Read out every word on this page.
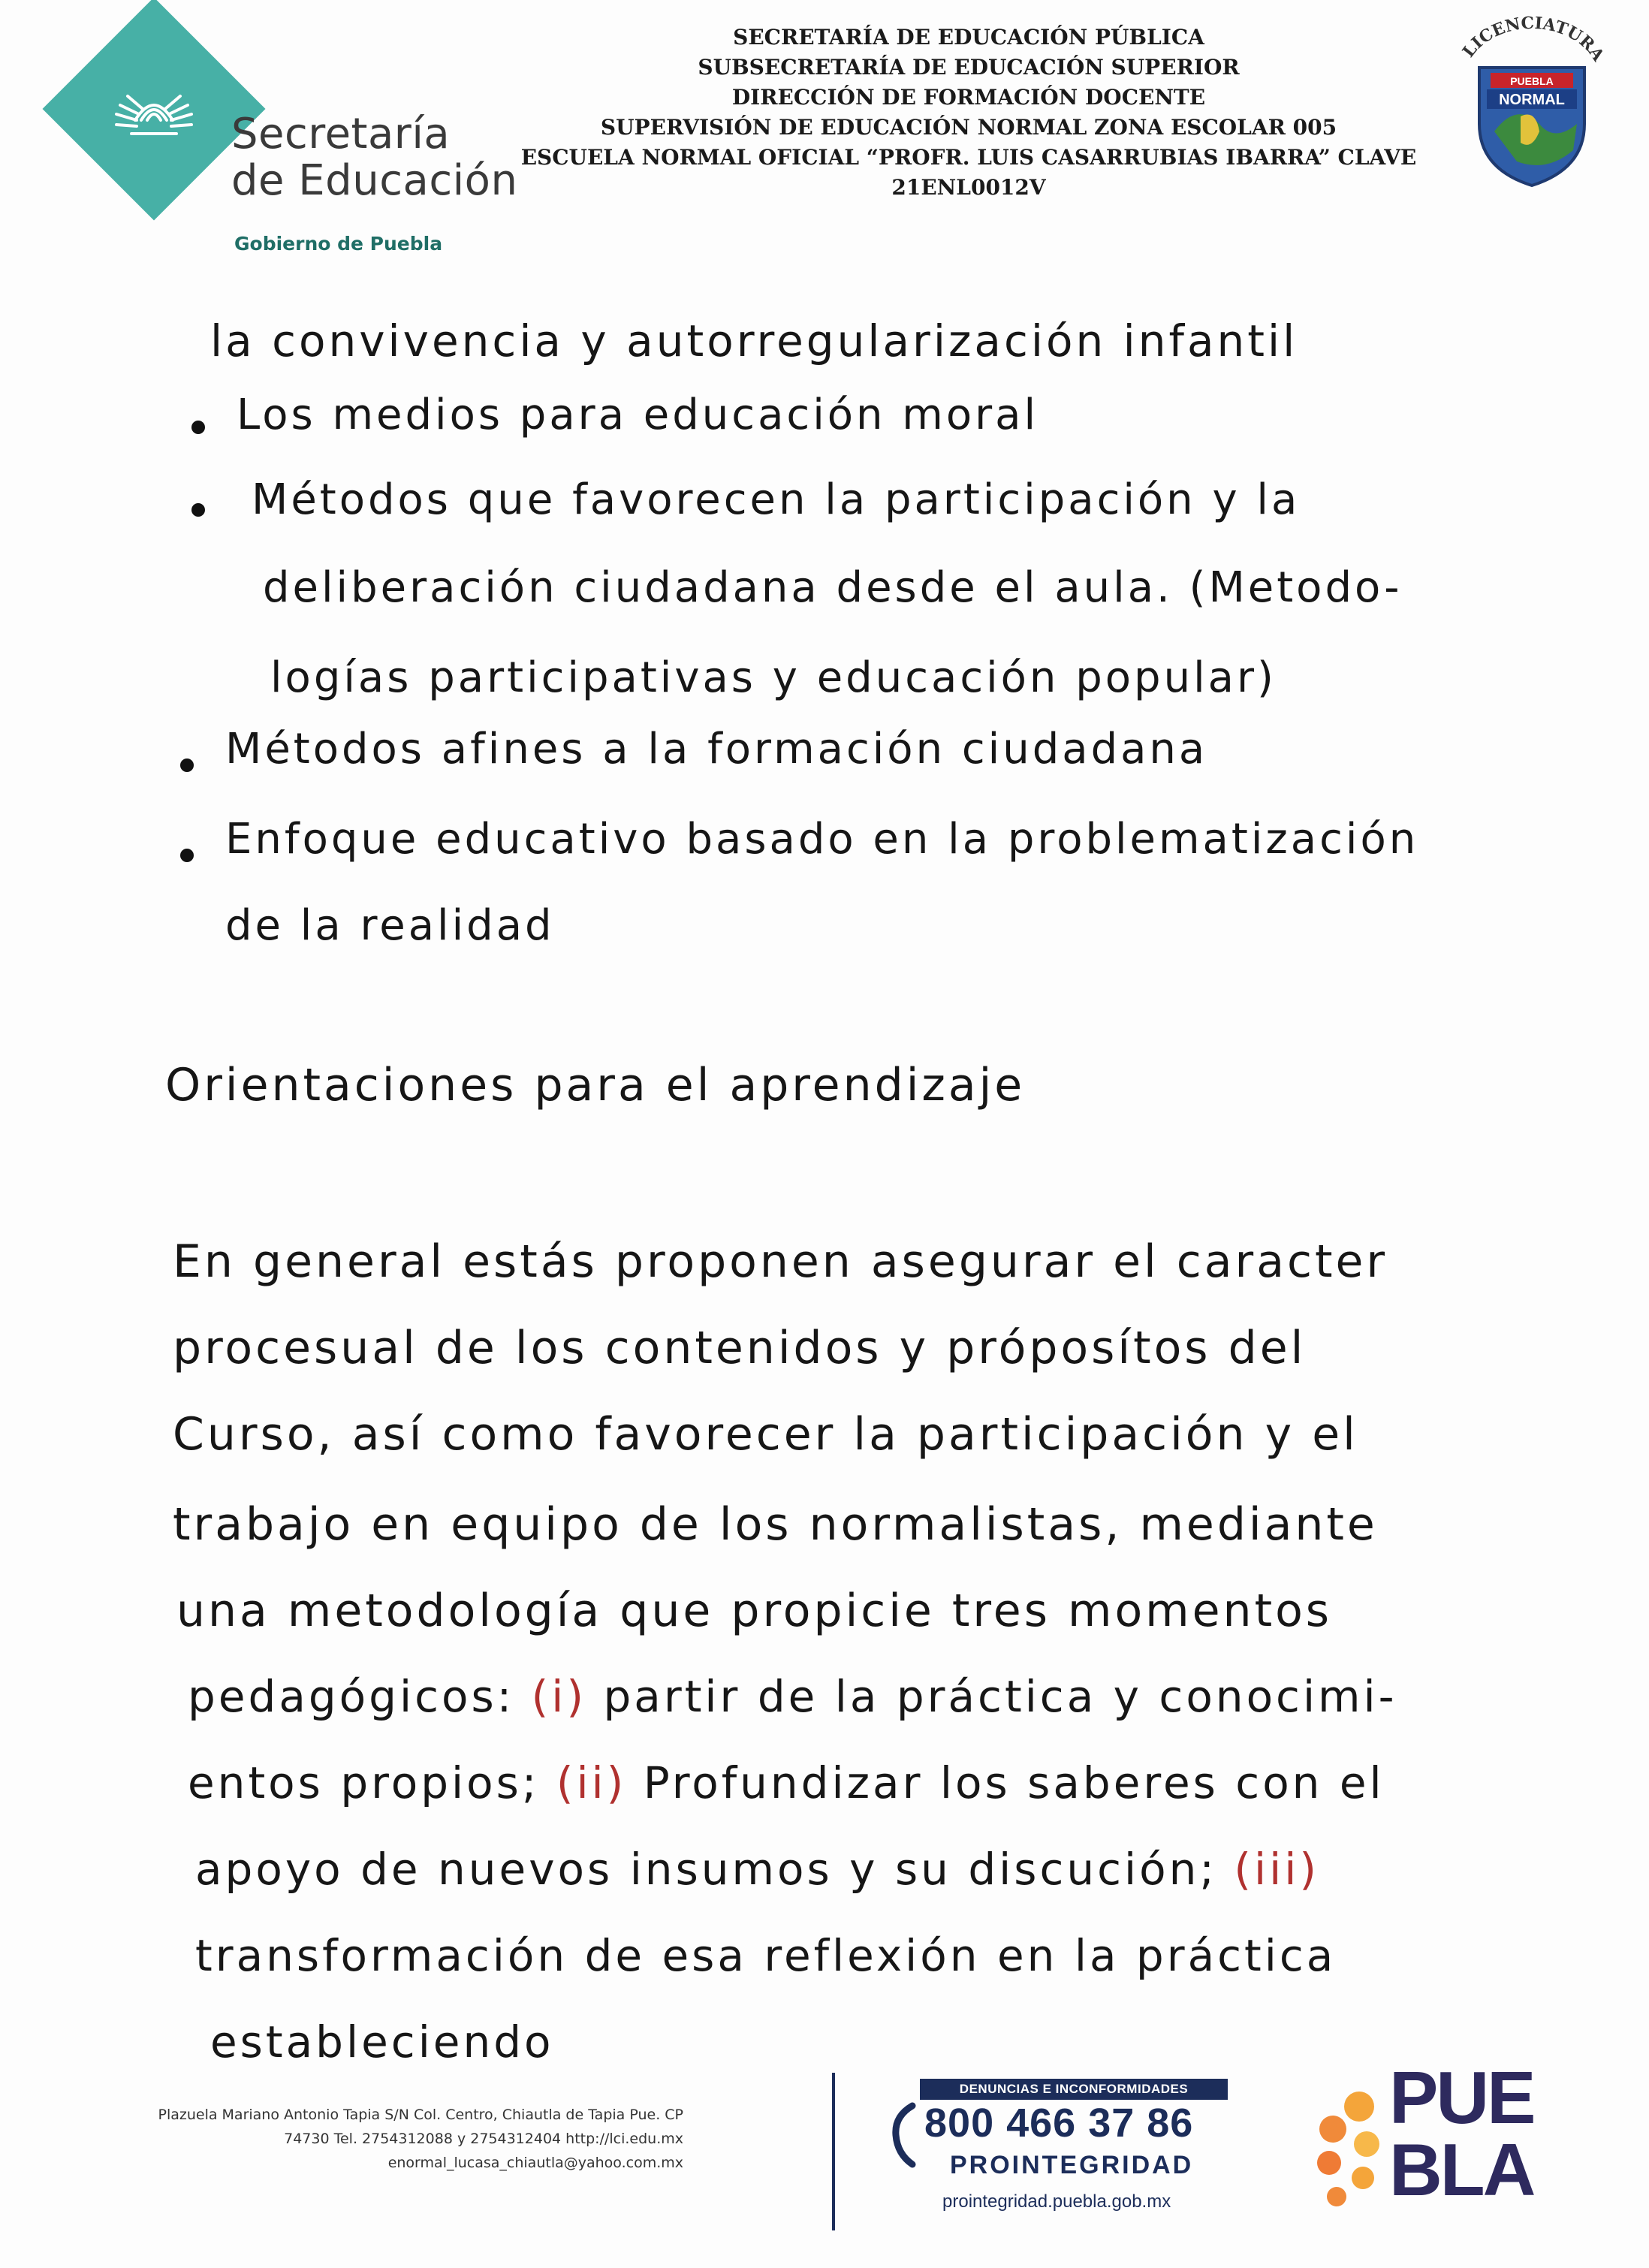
Secretaría
de Educación
Gobierno de Puebla
SECRETARÍA DE EDUCACIÓN PÚBLICA
SUBSECRETARÍA DE EDUCACIÓN SUPERIOR
DIRECCIÓN DE FORMACIÓN DOCENTE
SUPERVISIÓN DE EDUCACIÓN NORMAL ZONA ESCOLAR 005
ESCUELA NORMAL OFICIAL “PROFR. LUIS CASARRUBIAS IBARRA” CLAVE
21ENL0012V
LICENCIATURA
PUEBLA
NORMAL
la convivencia y autorregularización infantil
Los medios para educación moral
Métodos que favorecen la participación y la
deliberación ciudadana desde el aula. (Metodo-
logías participativas y educación popular)
Métodos afines a la formación ciudadana
Enfoque educativo basado en la problematización
de la realidad
Orientaciones para el aprendizaje
En general estás proponen asegurar el caracter
procesual de los contenidos y próposítos del
Curso, así como favorecer la participación y el
trabajo en equipo de los normalistas, mediante
una metodología que propicie tres momentos
pedagógicos: (i) partir de la práctica y conocimi-
entos propios; (ii) Profundizar los saberes con el
apoyo de nuevos insumos y su discución; (iii)
transformación de esa reflexión en la práctica
estableciendo
Plazuela Mariano Antonio Tapia S/N Col. Centro, Chiautla de Tapia Pue. CP
74730 Tel. 2754312088 y 2754312404 http://lci.edu.mx
enormal_lucasa_chiautla@yahoo.com.mx
DENUNCIAS E INCONFORMIDADES
800 466 37 86
PROINTEGRIDAD
prointegridad.puebla.gob.mx
PUE
BLA
